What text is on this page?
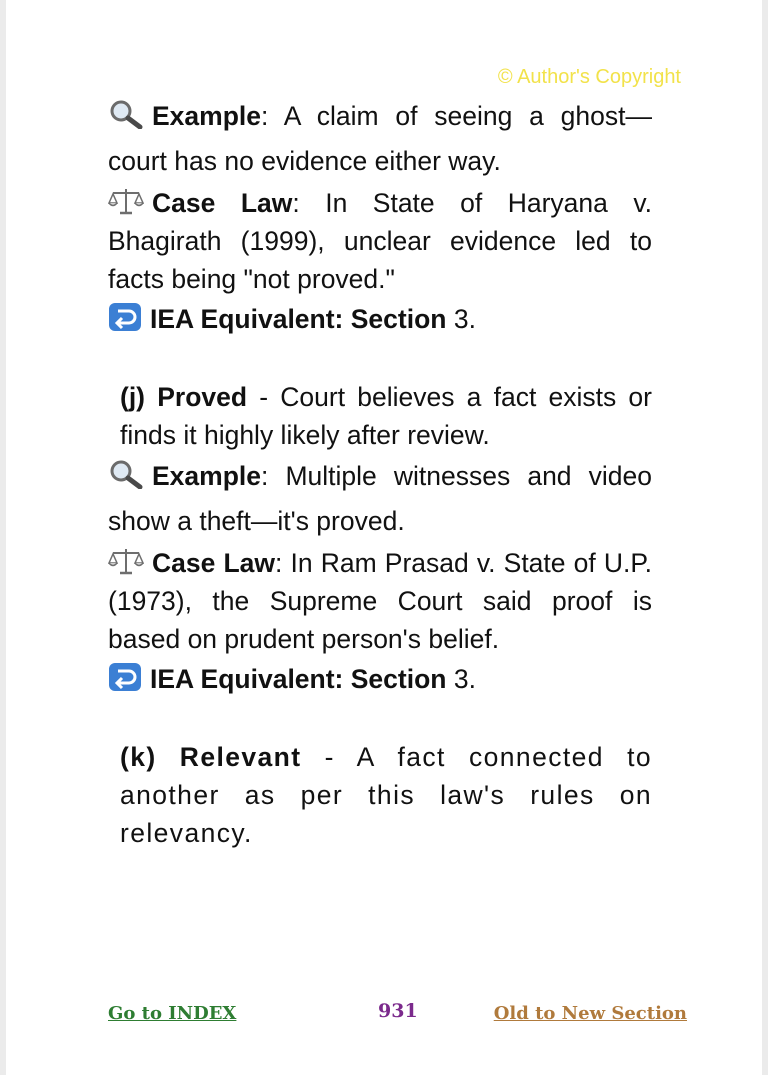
© Author's Copyright

Example: A claim of seeing a ghost—court has no evidence either way.

Case Law: In State of Haryana v. Bhagirath (1999), unclear evidence led to facts being "not proved."

IEA Equivalent: Section 3.

(j) Proved - Court believes a fact exists or finds it highly likely after review.

Example: Multiple witnesses and video show a theft—it's proved.

Case Law: In Ram Prasad v. State of U.P. (1973), the Supreme Court said proof is based on prudent person's belief.

IEA Equivalent: Section 3.

(k) Relevant - A fact connected to another as per this law's rules on relevancy.

Go to INDEX	931	Old to New Section
